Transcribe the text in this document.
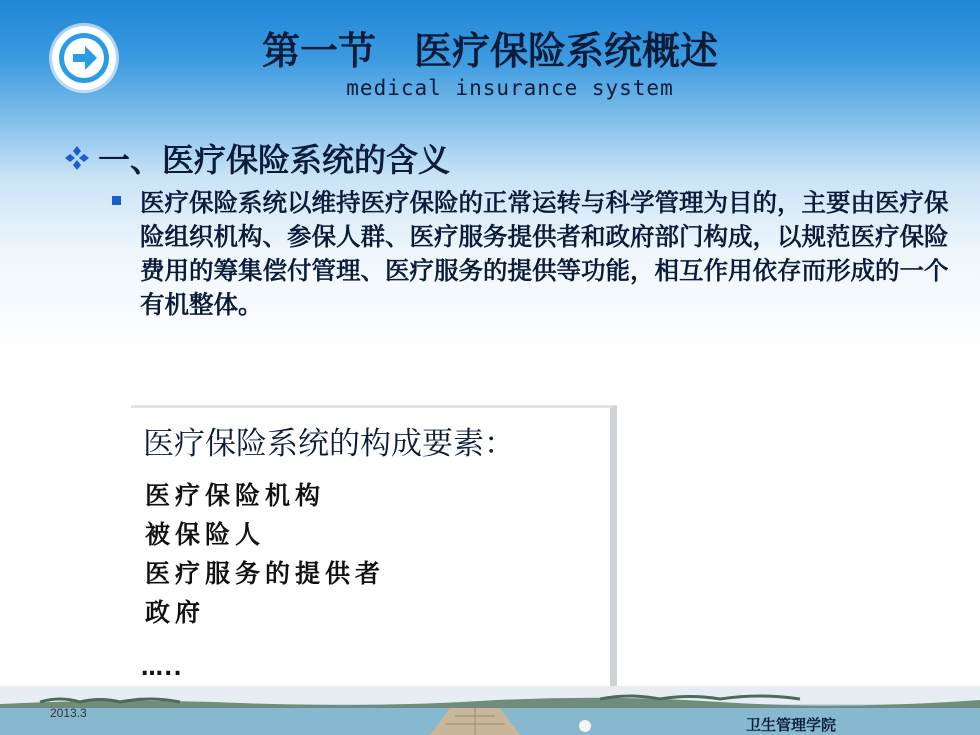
第一节　医疗保险系统概述
medical insurance system
一、医疗保险系统的含义
医疗保险系统以维持医疗保险的正常运转与科学管理为目的，主要由医疗保险组织机构、参保人群、医疗服务提供者和政府部门构成，以规范医疗保险费用的筹集偿付管理、医疗服务的提供等功能，相互作用依存而形成的一个有机整体。
医疗保险系统的构成要素：
医疗保险机构
被保险人
医疗服务的提供者
政府
…..
2013.3
卫生管理学院
